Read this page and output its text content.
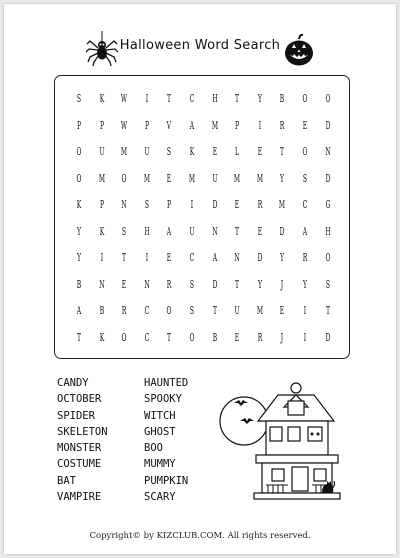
Halloween Word Search
S	K W	I	T	C H	T	Y	B O O
P	P	W	P	V	A	M	P	I	R E D
O U M U	S	K E	L	E	T	O N
O M O M E M U M M	Y	S	D
K	P	N	S	P	I	D E R M C G
Y	K	S	H	A	U N	T	E D	A	H
Y	I	T	I	E C	A	N D	Y	R O
B N E N R	S	D	T	Y	J	Y	S
A	B R C O	S	T	U M E	I	T
T	K O C	T	O B E R	J	I	D
CANDY
OCTOBER
SPIDER
SKELETON
MONSTER
COSTUME
BAT
VAMPIRE
HAUNTED
SPOOKY
WITCH
GHOST
BOO
MUMMY
PUMPKIN
SCARY
Copyright© by KIZCLUB.COM. All rights reserved.
